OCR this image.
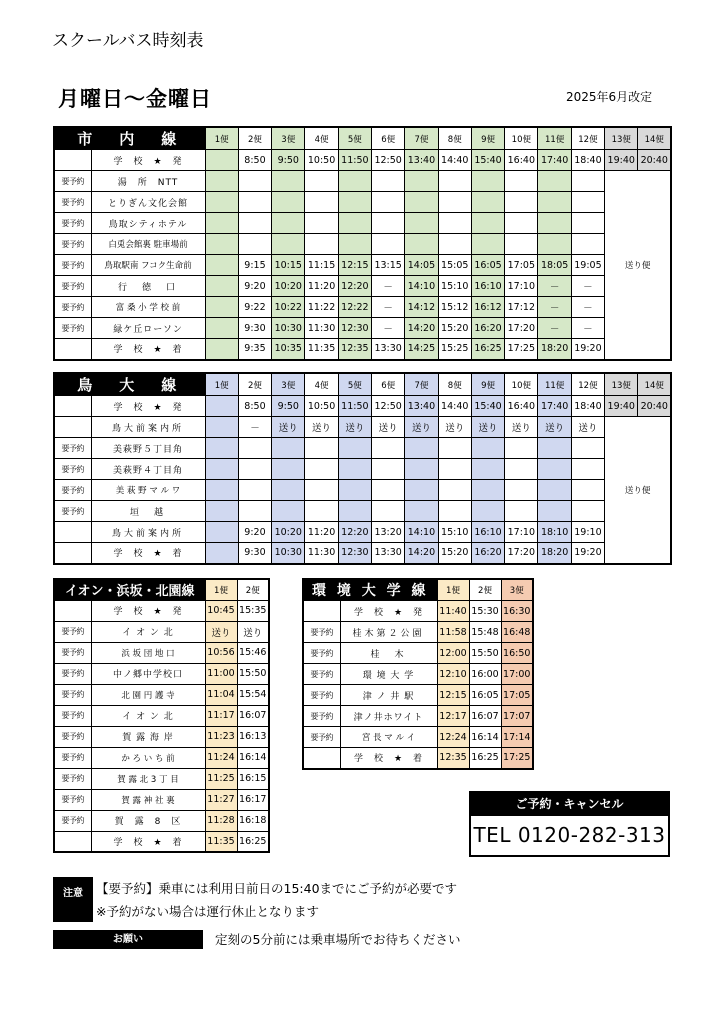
スクールバス時刻表
月曜日～金曜日	2025年6月改定
市　内　線		1便	2便	3便	4便	5便	6便	7便	8便	9便	10便	11便	12便	13便	14便
	学　校　★　発		8:50	9:50	10:50	11:50	12:50	13:40	14:40	15:40	16:40	17:40	18:40	19:40	20:40
要予約	湯　所　NTT													送り便	
要予約	とりぎん文化会館														
要予約	鳥取シティホテル														
要予約	白兎会館裏 駐車場前														
要予約	鳥取駅南 フコク生命前		9:15	10:15	11:15	12:15	13:15	14:05	15:05	16:05	17:05	18:05	19:05		
要予約	行　徳　口		9:20	10:20	11:20	12:20	－	14:10	15:10	16:10	17:10	－	－		
要予約	富 桑 小 学 校 前		9:22	10:22	11:22	12:22	－	14:12	15:12	16:12	17:12	－	－		
要予約	緑ケ丘ローソン		9:30	10:30	11:30	12:30	－	14:20	15:20	16:20	17:20	－	－		
	学　校　★　着		9:35	10:35	11:35	12:35	13:30	14:25	15:25	16:25	17:25	18:20	19:20		
鳥　大　線		1便	2便	3便	4便	5便	6便	7便	8便	9便	10便	11便	12便	13便	14便
	学　校　★　発		8:50	9:50	10:50	11:50	12:50	13:40	14:40	15:40	16:40	17:40	18:40	19:40	20:40
	鳥大前案内所		－	送り	送り	送り	送り	送り	送り	送り	送り	送り	送り	送り便	
要予約	美萩野５丁目角														
要予約	美萩野４丁目角														
要予約	美 萩 野 マ ル ワ														
要予約	垣　越														
	鳥大前案内所		9:20	10:20	11:20	12:20	13:20	14:10	15:10	16:10	17:10	18:10	19:10		
	学　校　★　着		9:30	10:30	11:30	12:30	13:30	14:20	15:20	16:20	17:20	18:20	19:20		
イオン・浜坂・北園線		1便	2便
	学　校　★　発	10:45	15:35
要予約	イ オ ン 北	送り	送り
要予約	浜 坂 団 地 口	10:56	15:46
要予約	中ノ郷中学校口	11:00	15:50
要予約	北 園 円 護 寺	11:04	15:54
要予約	イ オ ン 北	11:17	16:07
要予約	賀 露 海 岸	11:23	16:13
要予約	か ろ い ち 前	11:24	16:14
要予約	賀 露 北 3 丁 目	11:25	16:15
要予約	賀 露 神 社 裏	11:27	16:17
要予約	賀　露　8　区	11:28	16:18
	学　校　★　着	11:35	16:25
環 境 大 学 線		1便	2便	3便
	学　校　★　発	11:40	15:30	16:30
要予約	桂木第２公園	11:58	15:48	16:48
要予約	桂　木	12:00	15:50	16:50
要予約	環 境 大 学	12:10	16:00	17:00
要予約	津 ノ 井 駅	12:15	16:05	17:05
要予約	津ノ井ホワイト	12:17	16:07	17:07
要予約	宮 長 マ ル イ	12:24	16:14	17:14
	学　校　★　着	12:35	16:25	17:25
ご予約・キャンセル
TEL 0120-282-313
注意	【要予約】乗車には利用日前日の15:40までにご予約が必要です
※予約がない場合は運行休止となります
お願い	定刻の5分前には乗車場所でお待ちください
